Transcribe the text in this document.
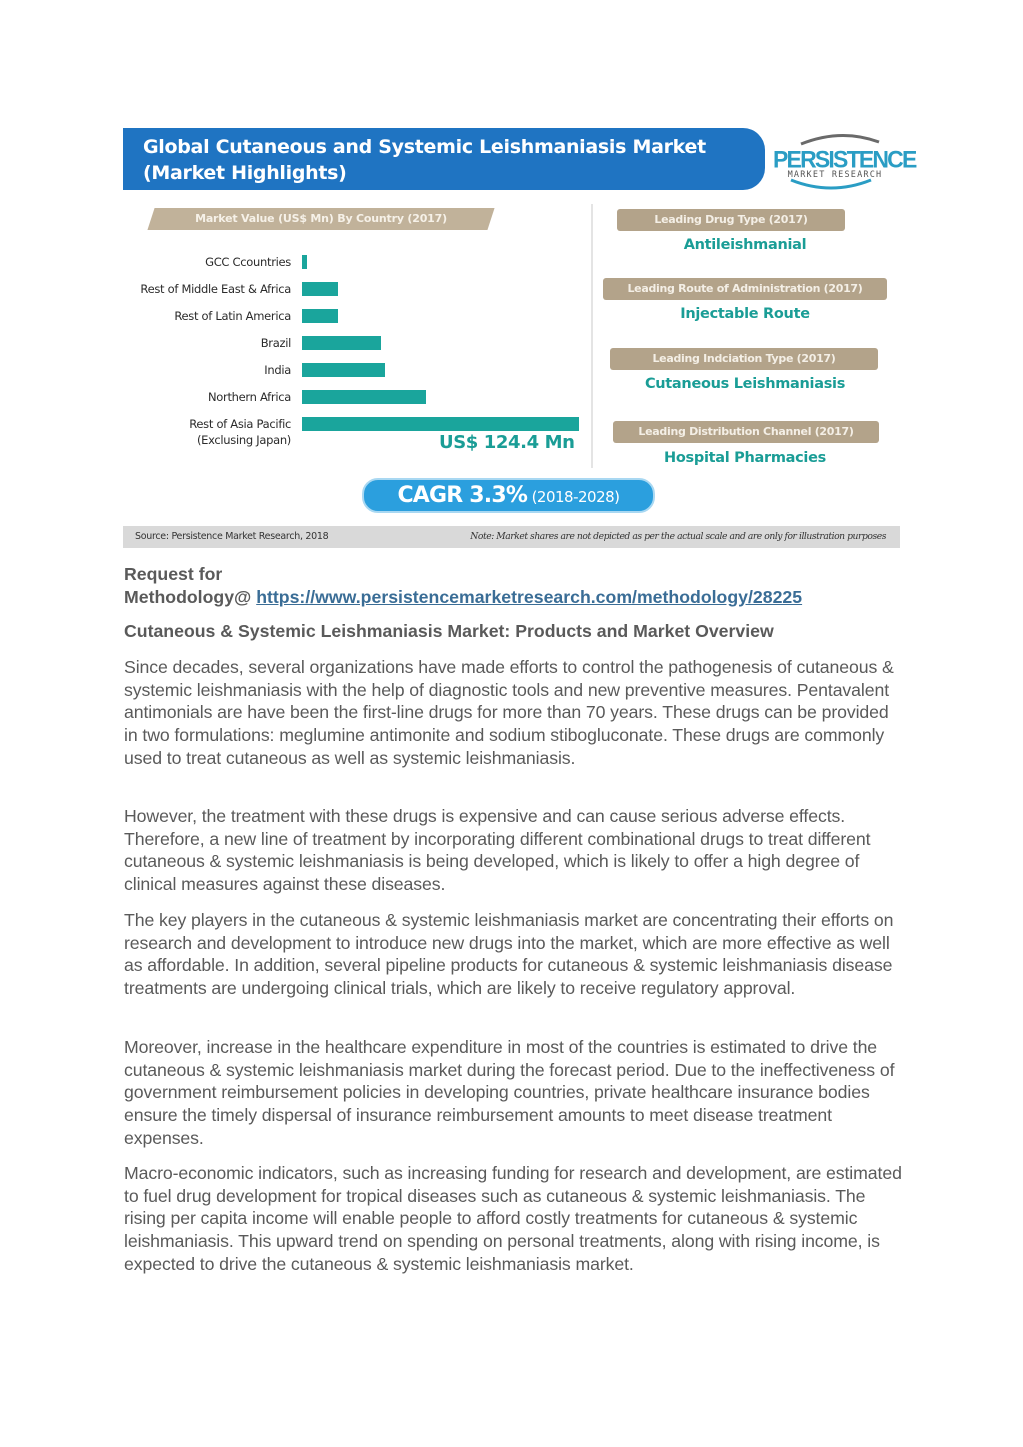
Global Cutaneous and Systemic Leishmaniasis Market
(Market Highlights)
PERSISTENCE
MARKET RESEARCH
Market Value (US$ Mn) By Country (2017)
GCC Ccountries
Rest of Middle East & Africa
Rest of Latin America
Brazil
India
Northern Africa
Rest of Asia Pacific
(Exclusing Japan)	US$ 124.4 Mn
Leading Drug Type (2017)
Antileishmanial
Leading Route of Administration (2017)
Injectable Route
Leading Indciation Type (2017)
Cutaneous Leishmaniasis
Leading Distribution Channel (2017)
Hospital Pharmacies
CAGR 3.3% (2018-2028)
Source: Persistence Market Research, 2018	Note: Market shares are not depicted as per the actual scale and are only for illustration purposes
Request for
Methodology@ https://www.persistencemarketresearch.com/methodology/28225
Cutaneous & Systemic Leishmaniasis Market: Products and Market Overview
Since decades, several organizations have made efforts to control the pathogenesis of cutaneous & systemic leishmaniasis with the help of diagnostic tools and new preventive measures. Pentavalent antimonials are have been the first-line drugs for more than 70 years. These drugs can be provided in two formulations: meglumine antimonite and sodium stibogluconate. These drugs are commonly used to treat cutaneous as well as systemic leishmaniasis.
However, the treatment with these drugs is expensive and can cause serious adverse effects. Therefore, a new line of treatment by incorporating different combinational drugs to treat different cutaneous & systemic leishmaniasis is being developed, which is likely to offer a high degree of clinical measures against these diseases.
The key players in the cutaneous & systemic leishmaniasis market are concentrating their efforts on research and development to introduce new drugs into the market, which are more effective as well as affordable. In addition, several pipeline products for cutaneous & systemic leishmaniasis disease treatments are undergoing clinical trials, which are likely to receive regulatory approval.
Moreover, increase in the healthcare expenditure in most of the countries is estimated to drive the cutaneous & systemic leishmaniasis market during the forecast period. Due to the ineffectiveness of government reimbursement policies in developing countries, private healthcare insurance bodies ensure the timely dispersal of insurance reimbursement amounts to meet disease treatment expenses.
Macro-economic indicators, such as increasing funding for research and development, are estimated to fuel drug development for tropical diseases such as cutaneous & systemic leishmaniasis. The rising per capita income will enable people to afford costly treatments for cutaneous & systemic leishmaniasis. This upward trend on spending on personal treatments, along with rising income, is expected to drive the cutaneous & systemic leishmaniasis market.
